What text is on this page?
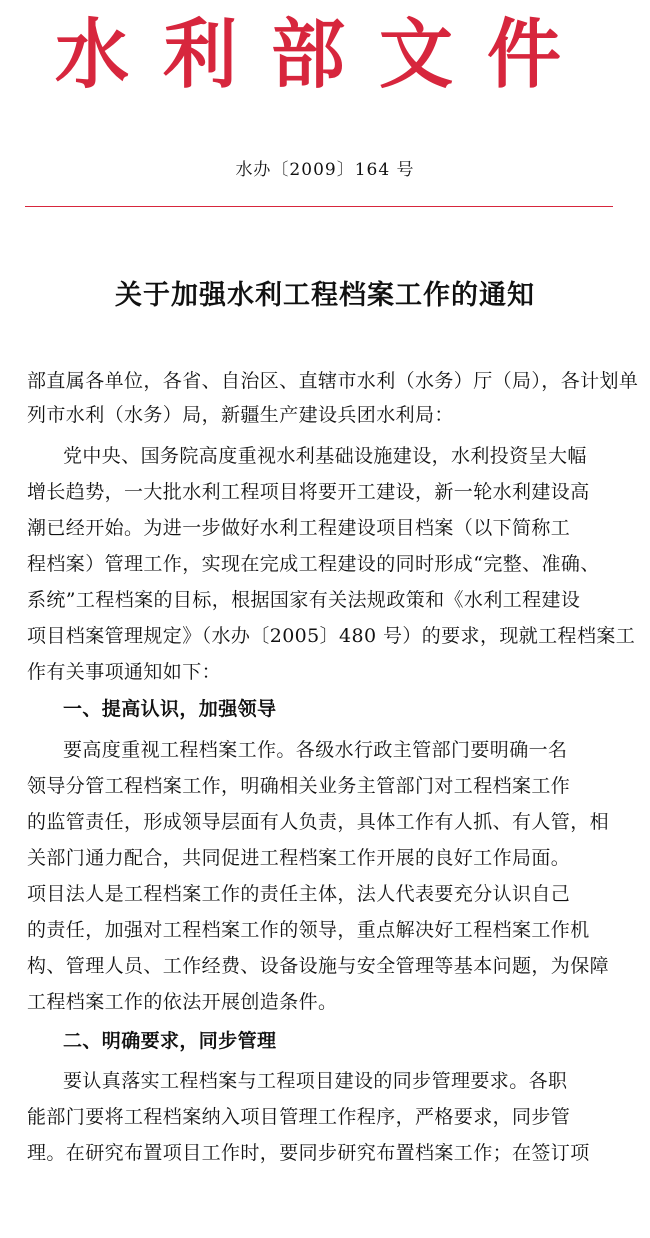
水利部文件
水办〔2009〕164 号
关于加强水利工程档案工作的通知
部直属各单位，各省、自治区、直辖市水利（水务）厅（局），各计划单
列市水利（水务）局，新疆生产建设兵团水利局：
党中央、国务院高度重视水利基础设施建设，水利投资呈大幅
增长趋势，一大批水利工程项目将要开工建设，新一轮水利建设高
潮已经开始。为进一步做好水利工程建设项目档案（以下简称工
程档案）管理工作，实现在完成工程建设的同时形成“完整、准确、
系统”工程档案的目标，根据国家有关法规政策和《水利工程建设
项目档案管理规定》（水办〔2005〕480 号）的要求，现就工程档案工
作有关事项通知如下：
一、提高认识，加强领导
要高度重视工程档案工作。各级水行政主管部门要明确一名
领导分管工程档案工作，明确相关业务主管部门对工程档案工作
的监管责任，形成领导层面有人负责，具体工作有人抓、有人管，相
关部门通力配合，共同促进工程档案工作开展的良好工作局面。
项目法人是工程档案工作的责任主体，法人代表要充分认识自己
的责任，加强对工程档案工作的领导，重点解决好工程档案工作机
构、管理人员、工作经费、设备设施与安全管理等基本问题，为保障
工程档案工作的依法开展创造条件。
二、明确要求，同步管理
要认真落实工程档案与工程项目建设的同步管理要求。各职
能部门要将工程档案纳入项目管理工作程序，严格要求，同步管
理。在研究布置项目工作时，要同步研究布置档案工作；在签订项
